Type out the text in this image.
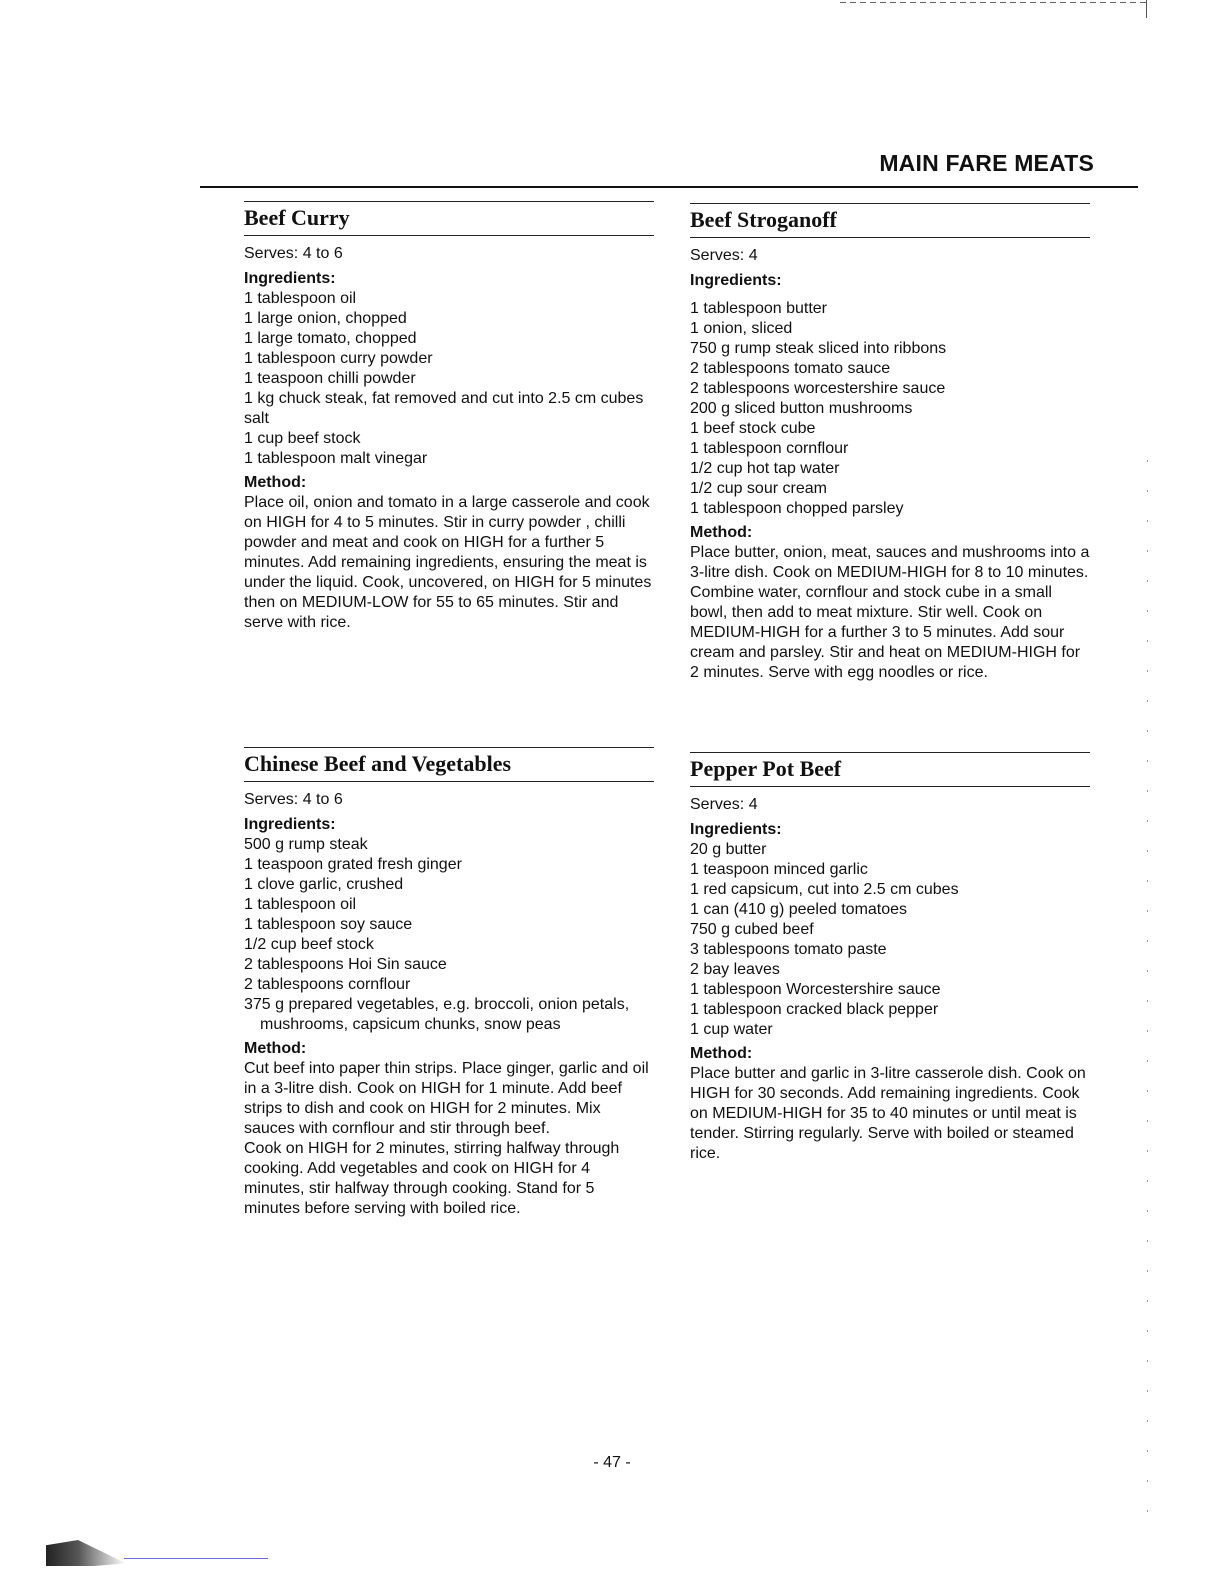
MAIN FARE MEATS
Beef Curry
Serves: 4 to 6
Ingredients:
1 tablespoon oil
1 large onion, chopped
1 large tomato, chopped
1 tablespoon curry powder
1 teaspoon chilli powder
1 kg chuck steak, fat removed and cut into 2.5 cm cubes
salt
1 cup beef stock
1 tablespoon malt vinegar
Method:
Place oil, onion and tomato in a large casserole and cook on HIGH for 4 to 5 minutes. Stir in curry powder , chilli powder and meat and cook on HIGH for a further 5 minutes. Add remaining ingredients, ensuring the meat is under the liquid. Cook, uncovered, on HIGH for 5 minutes then on MEDIUM-LOW for 55 to 65 minutes. Stir and serve with rice.
Beef Stroganoff
Serves: 4
Ingredients:
1 tablespoon butter
1 onion, sliced
750 g rump steak sliced into ribbons
2 tablespoons tomato sauce
2 tablespoons worcestershire sauce
200 g sliced button mushrooms
1 beef stock cube
1 tablespoon cornflour
1/2 cup hot tap water
1/2 cup sour cream
1 tablespoon chopped parsley
Method:
Place butter, onion, meat, sauces and mushrooms into a 3-litre dish. Cook on MEDIUM-HIGH for 8 to 10 minutes. Combine water, cornflour and stock cube in a small bowl, then add to meat mixture. Stir well. Cook on MEDIUM-HIGH for a further 3 to 5 minutes. Add sour cream and parsley. Stir and heat on MEDIUM-HIGH for 2 minutes. Serve with egg noodles or rice.
Chinese Beef and Vegetables
Serves: 4 to 6
Ingredients:
500 g rump steak
1 teaspoon grated fresh ginger
1 clove garlic, crushed
1 tablespoon oil
1 tablespoon soy sauce
1/2 cup beef stock
2 tablespoons Hoi Sin sauce
2 tablespoons cornflour
375 g prepared vegetables, e.g. broccoli, onion petals, mushrooms, capsicum chunks, snow peas
Method:
Cut beef into paper thin strips. Place ginger, garlic and oil in a 3-litre dish. Cook on HIGH for 1 minute. Add beef strips to dish and cook on HIGH for 2 minutes. Mix sauces with cornflour and stir through beef.
Cook on HIGH for 2 minutes, stirring halfway through cooking. Add vegetables and cook on HIGH for 4 minutes, stir halfway through cooking. Stand for 5 minutes before serving with boiled rice.
Pepper Pot Beef
Serves: 4
Ingredients:
20 g butter
1 teaspoon minced garlic
1 red capsicum, cut into 2.5 cm cubes
1 can (410 g) peeled tomatoes
750 g cubed beef
3 tablespoons tomato paste
2 bay leaves
1 tablespoon Worcestershire sauce
1 tablespoon cracked black pepper
1 cup water
Method:
Place butter and garlic in 3-litre casserole dish. Cook on HIGH for 30 seconds. Add remaining ingredients. Cook on MEDIUM-HIGH for 35 to 40 minutes or until meat is tender. Stirring regularly. Serve with boiled or steamed rice.
- 47 -
